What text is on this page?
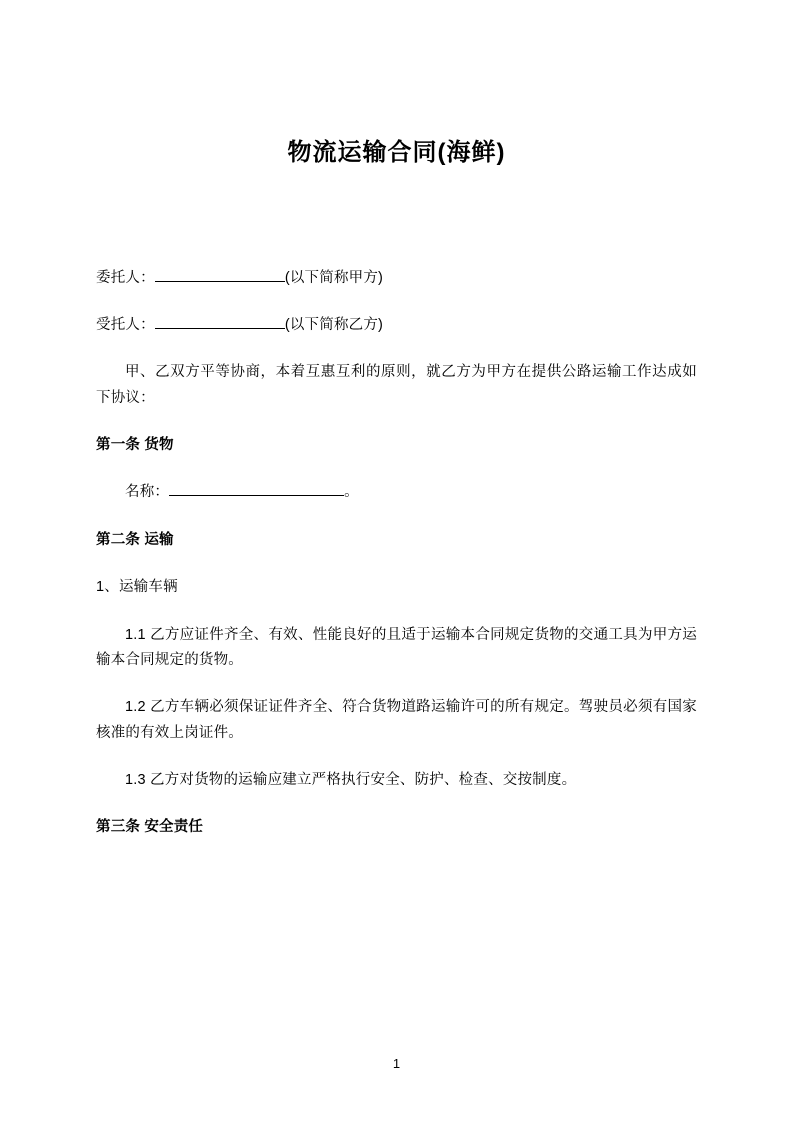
物流运输合同(海鲜)

委托人：	(以下简称甲方)

受托人：	(以下简称乙方)

甲、乙双方平等协商，本着互惠互利的原则，就乙方为甲方在提供公路运输工作达成如下协议：

第一条 货物

名称：	。

第二条 运输

1、运输车辆

1.1 乙方应证件齐全、有效、性能良好的且适于运输本合同规定货物的交通工具为甲方运输本合同规定的货物。

1.2 乙方车辆必须保证证件齐全、符合货物道路运输许可的所有规定。驾驶员必须有国家核准的有效上岗证件。

1.3 乙方对货物的运输应建立严格执行安全、防护、检查、交按制度。

第三条 安全责任

1
